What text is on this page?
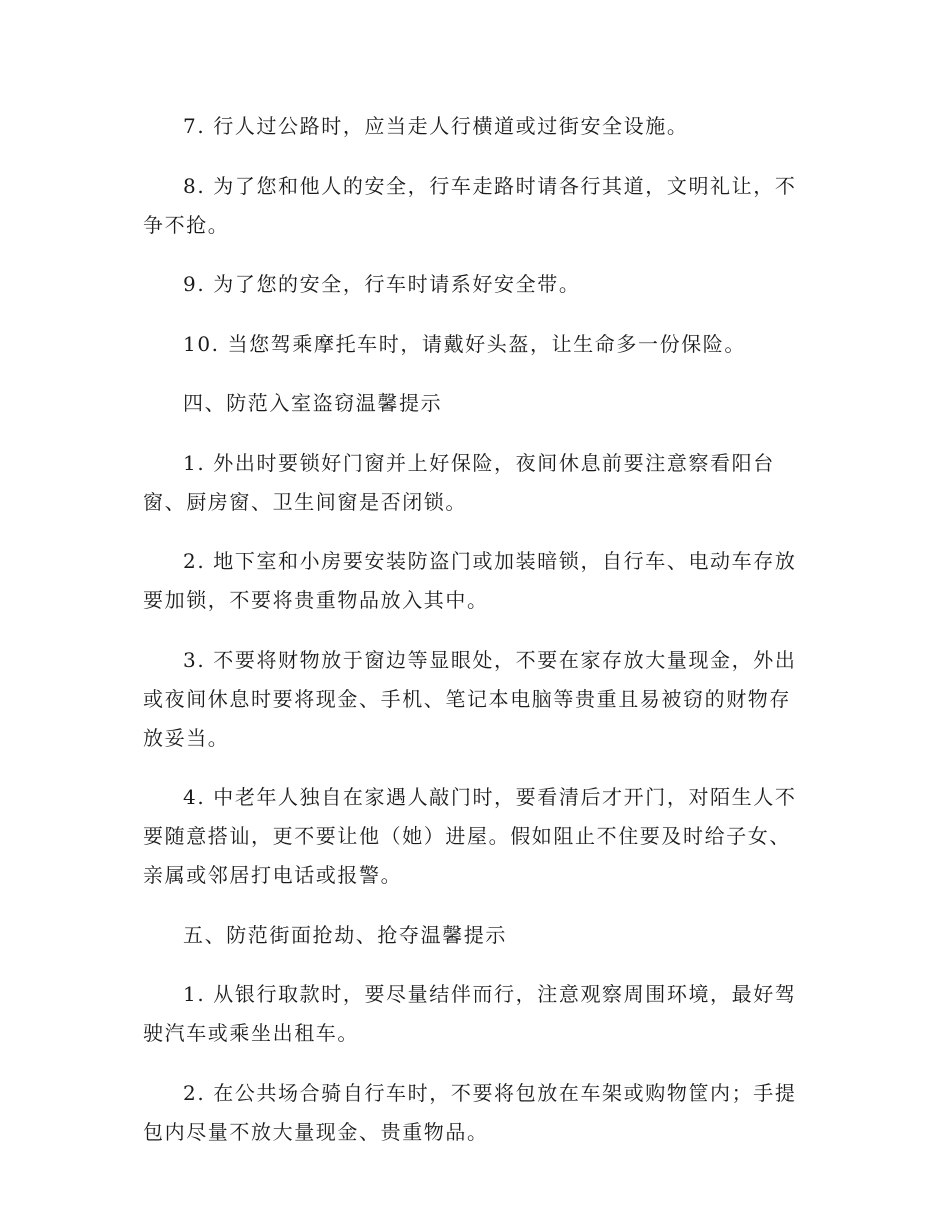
7. 行人过公路时，应当走人行横道或过街安全设施。

8. 为了您和他人的安全，行车走路时请各行其道，文明礼让，不争不抢。

9. 为了您的安全，行车时请系好安全带。

10. 当您驾乘摩托车时，请戴好头盔，让生命多一份保险。

四、防范入室盗窃温馨提示

1. 外出时要锁好门窗并上好保险，夜间休息前要注意察看阳台窗、厨房窗、卫生间窗是否闭锁。

2. 地下室和小房要安装防盗门或加装暗锁，自行车、电动车存放要加锁，不要将贵重物品放入其中。

3. 不要将财物放于窗边等显眼处，不要在家存放大量现金，外出或夜间休息时要将现金、手机、笔记本电脑等贵重且易被窃的财物存放妥当。

4. 中老年人独自在家遇人敲门时，要看清后才开门，对陌生人不要随意搭讪，更不要让他（她）进屋。假如阻止不住要及时给子女、亲属或邻居打电话或报警。

五、防范街面抢劫、抢夺温馨提示

1. 从银行取款时，要尽量结伴而行，注意观察周围环境，最好驾驶汽车或乘坐出租车。

2. 在公共场合骑自行车时，不要将包放在车架或购物筐内；手提包内尽量不放大量现金、贵重物品。
